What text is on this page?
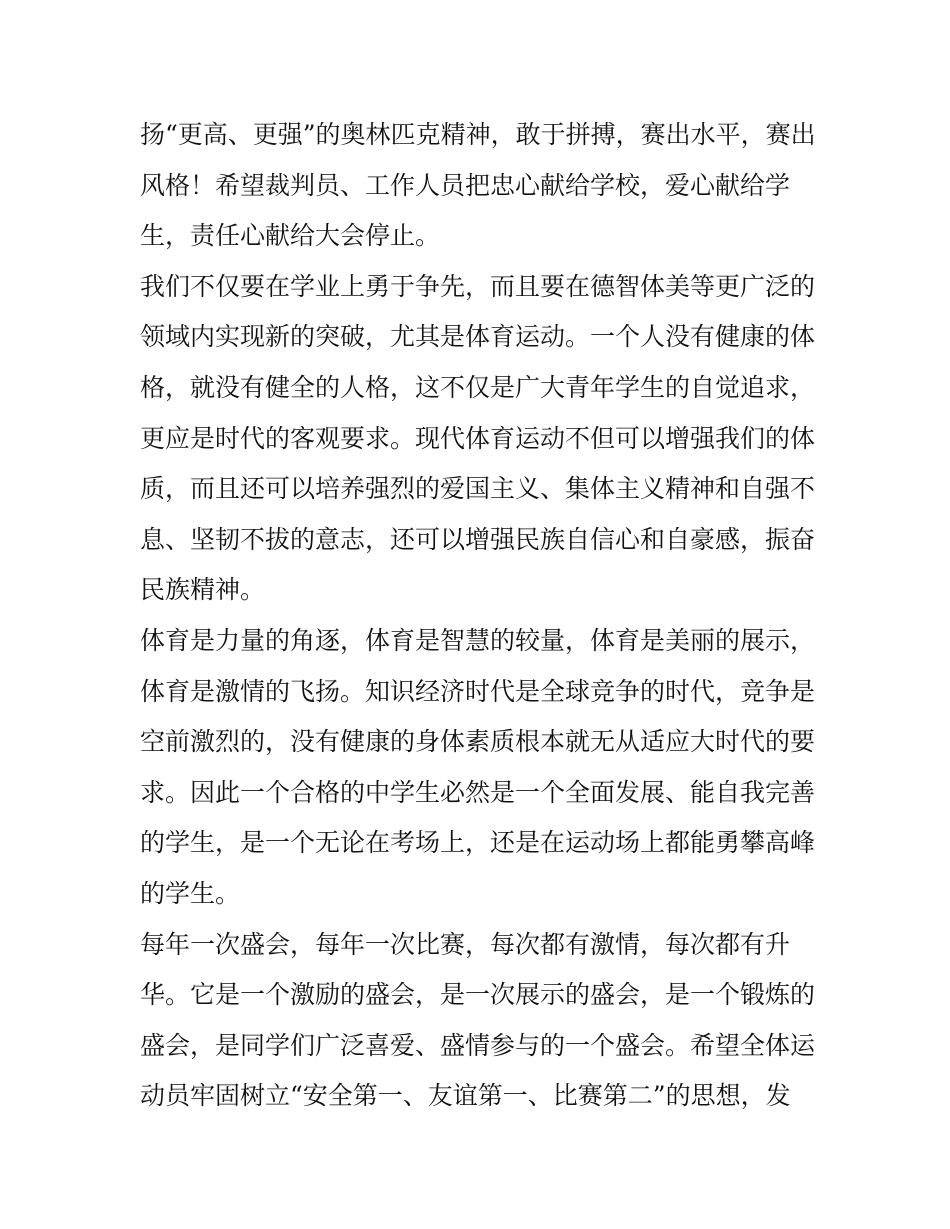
扬“更高、更强”的奥林匹克精神，敢于拼搏，赛出水平，赛出
风格！希望裁判员、工作人员把忠心献给学校，爱心献给学
生，责任心献给大会停止。
我们不仅要在学业上勇于争先，而且要在德智体美等更广泛的
领域内实现新的突破，尤其是体育运动。一个人没有健康的体
格，就没有健全的人格，这不仅是广大青年学生的自觉追求，
更应是时代的客观要求。现代体育运动不但可以增强我们的体
质，而且还可以培养强烈的爱国主义、集体主义精神和自强不
息、坚韧不拔的意志，还可以增强民族自信心和自豪感，振奋
民族精神。
体育是力量的角逐，体育是智慧的较量，体育是美丽的展示，
体育是激情的飞扬。知识经济时代是全球竞争的时代，竞争是
空前激烈的，没有健康的身体素质根本就无从适应大时代的要
求。因此一个合格的中学生必然是一个全面发展、能自我完善
的学生，是一个无论在考场上，还是在运动场上都能勇攀高峰
的学生。
每年一次盛会，每年一次比赛，每次都有激情，每次都有升
华。它是一个激励的盛会，是一次展示的盛会，是一个锻炼的
盛会，是同学们广泛喜爱、盛情参与的一个盛会。希望全体运
动员牢固树立“安全第一、友谊第一、比赛第二”的思想，发
